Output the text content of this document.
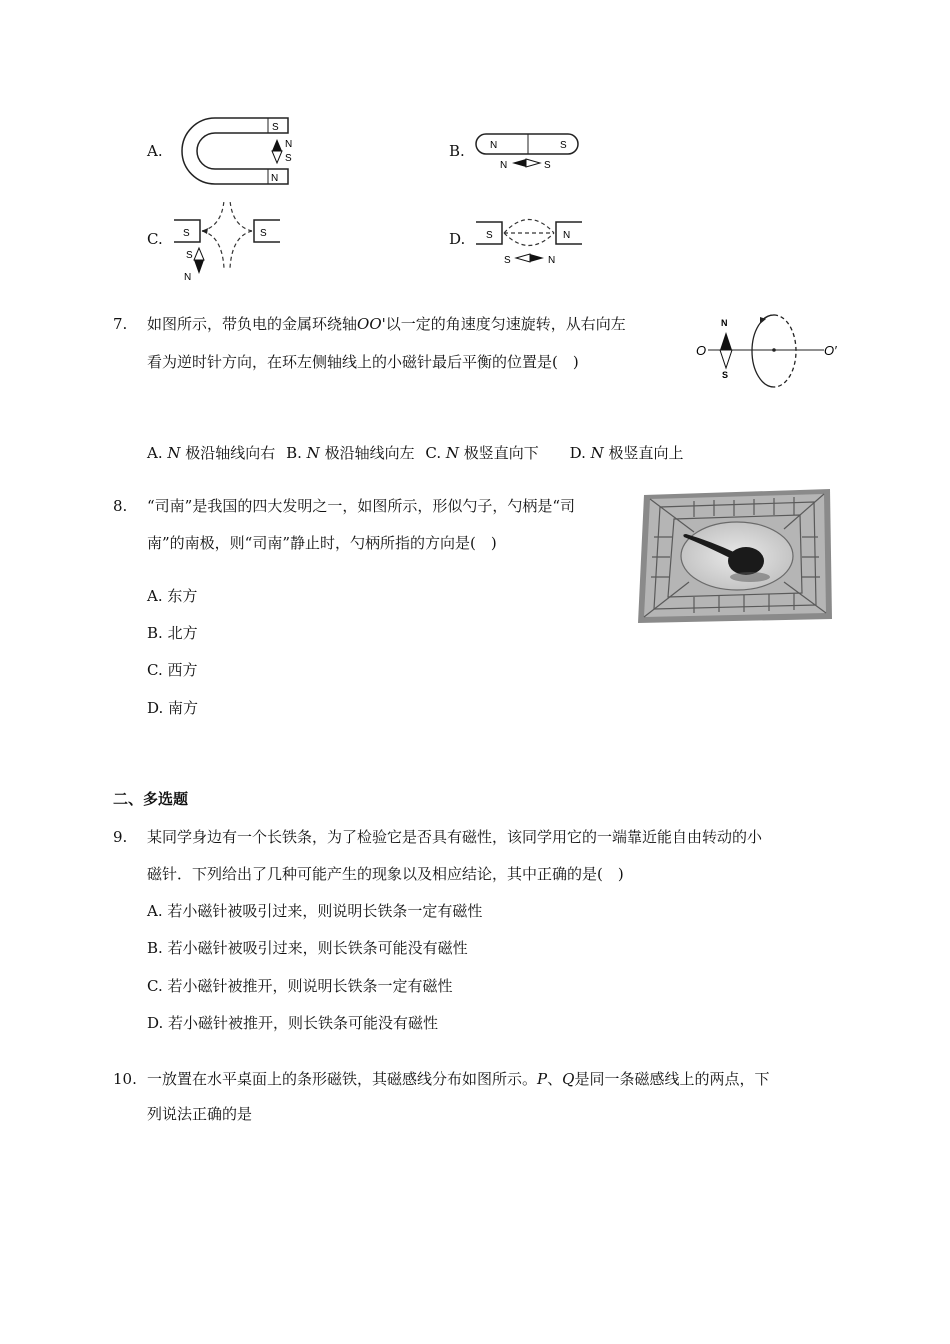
A.
S
N
N
S	B.	N	S
N	S
C. S	S
S
N
D. S	N
S	N
7. 如图所示，带负电的金属环绕轴OO'以一定的角速度匀速旋转，从右向左
看为逆时针方向，在环左侧轴线上的小磁针最后平衡的位置是(　)
O
N
S
O′
A. N 极沿轴线向右 B. N 极沿轴线向左 C. N 极竖直向下 D. N 极竖直向上
8. “司南”是我国的四大发明之一，如图所示，形似勺子，勺柄是“司
南”的南极，则“司南”静止时，勺柄所指的方向是(　)
A. 东方
B. 北方
C. 西方
D. 南方
二、多选题
9. 某同学身边有一个长铁条，为了检验它是否具有磁性，该同学用它的一端靠近能自由转动的小
磁针．下列给出了几种可能产生的现象以及相应结论，其中正确的是(　)
A. 若小磁针被吸引过来，则说明长铁条一定有磁性
B. 若小磁针被吸引过来，则长铁条可能没有磁性
C. 若小磁针被推开，则说明长铁条一定有磁性
D. 若小磁针被推开，则长铁条可能没有磁性
10. 一放置在水平桌面上的条形磁铁，其磁感线分布如图所示。P、Q是同一条磁感线上的两点，下
列说法正确的是
